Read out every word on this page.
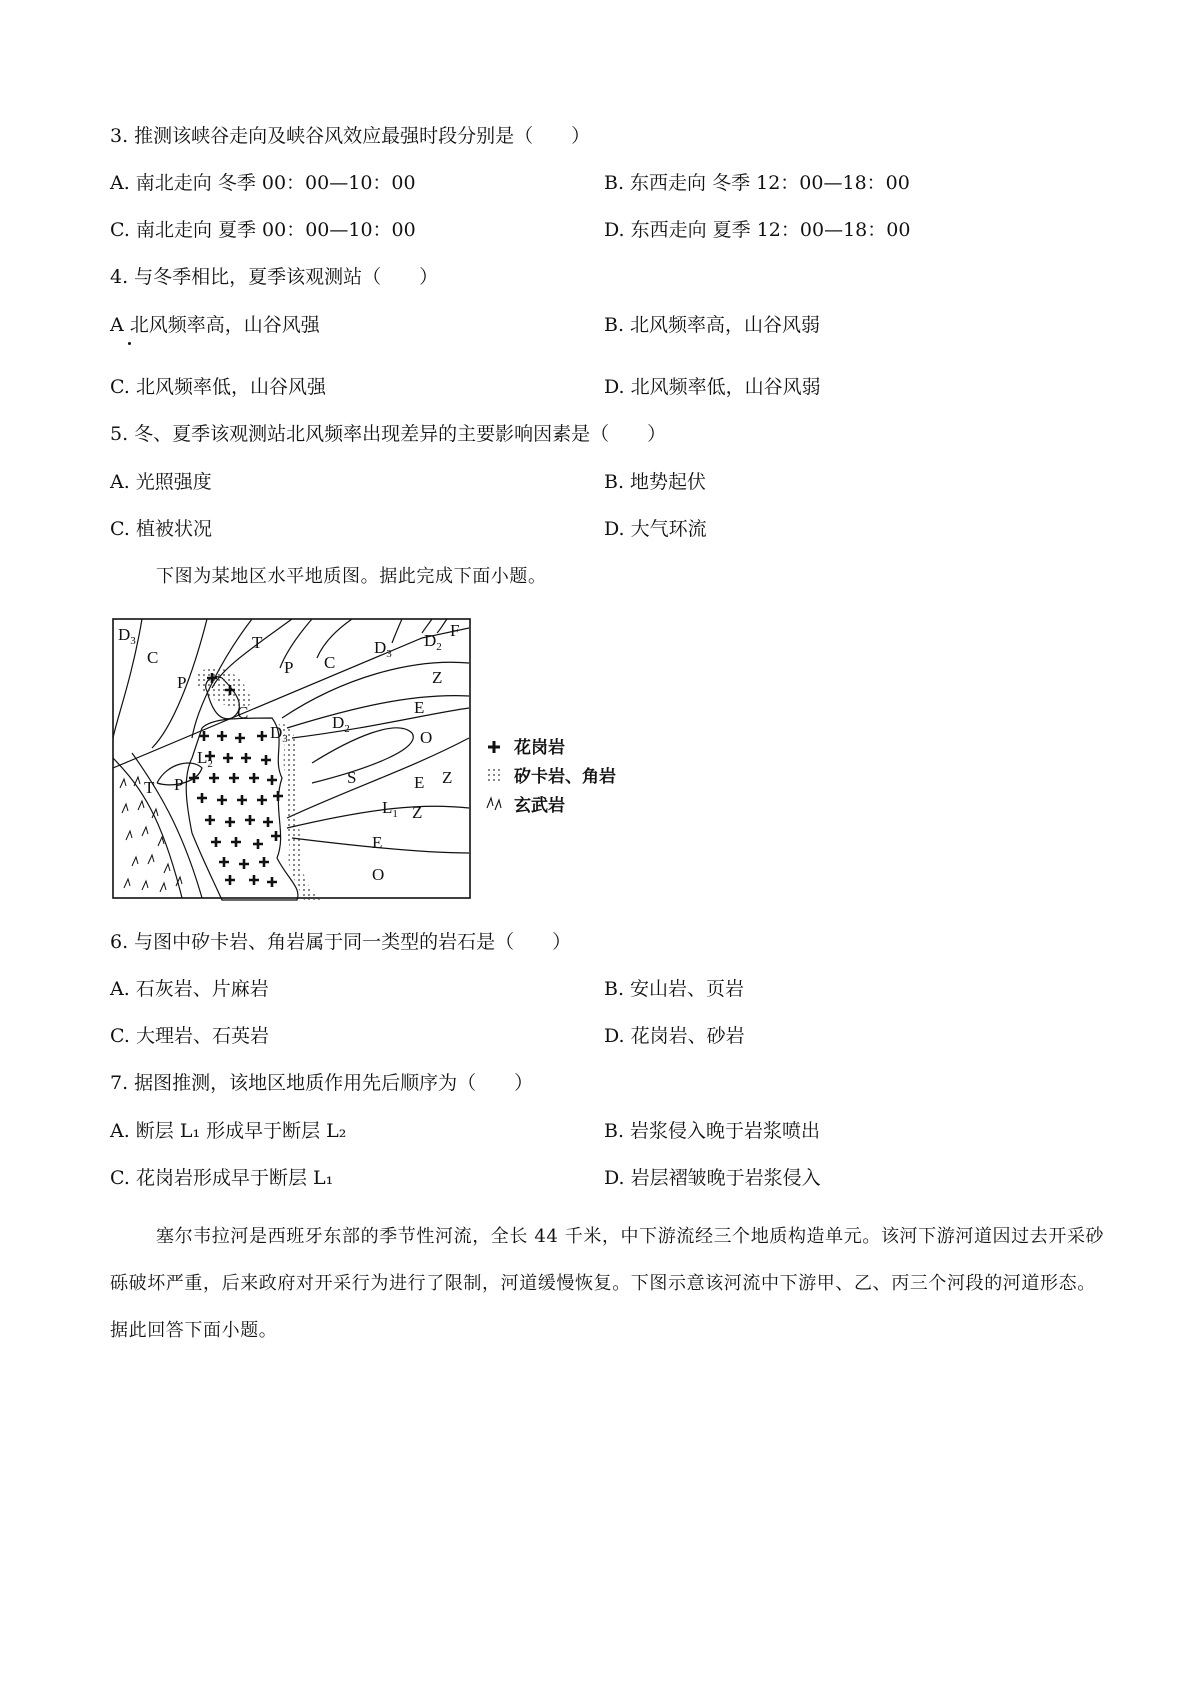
3. 推测该峡谷走向及峡谷风效应最强时段分别是（　　）
A. 南北走向 冬季 00：00—10：00	B. 东西走向 冬季 12：00—18：00
C. 南北走向 夏季 00：00—10：00	D. 东西走向 夏季 12：00—18：00
4. 与冬季相比，夏季该观测站（　　）
A 北风频率高，山谷风强	B. 北风频率高，山谷风弱
C. 北风频率低，山谷风强	D. 北风频率低，山谷风弱
5. 冬、夏季该观测站北风频率出现差异的主要影响因素是（　　）
A. 光照强度	B. 地势起伏
C. 植被状况	D. 大气环流
下图为某地区水平地质图。据此完成下面小题。
$D_3$
C
P
T
P C
$D_3$
$D_2$
F
Z
E
O
$D_3$
$D_2$
C
$L_2$
T P	S	E Z
$L_1$ Z
E
O
花岗岩
矽卡岩、角岩
玄武岩
6. 与图中矽卡岩、角岩属于同一类型的岩石是（　　）
A. 石灰岩、片麻岩	B. 安山岩、页岩
C. 大理岩、石英岩	D. 花岗岩、砂岩
7. 据图推测，该地区地质作用先后顺序为（　　）
A. 断层 L₁ 形成早于断层 L₂	B. 岩浆侵入晚于岩浆喷出
C. 花岗岩形成早于断层 L₁	D. 岩层褶皱晚于岩浆侵入
塞尔韦拉河是西班牙东部的季节性河流，全长 44 千米，中下游流经三个地质构造单元。该河下游河道因过去开采砂砾破坏严重，后来政府对开采行为进行了限制，河道缓慢恢复。下图示意该河流中下游甲、乙、丙三个河段的河道形态。据此回答下面小题。
